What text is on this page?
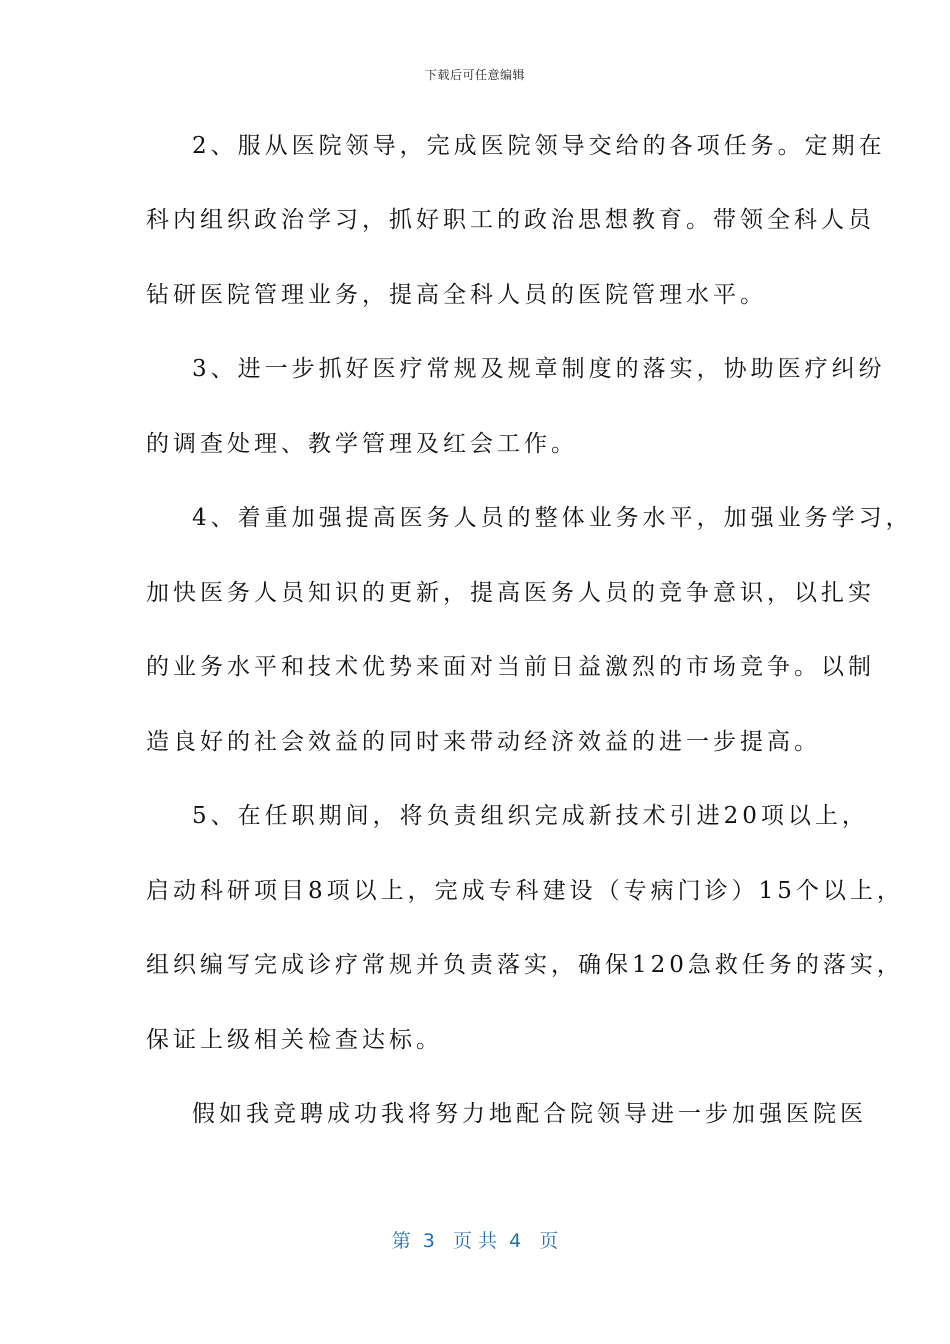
下载后可任意编辑
2、服从医院领导，完成医院领导交给的各项任务。定期在
科内组织政治学习，抓好职工的政治思想教育。带领全科人员
钻研医院管理业务，提高全科人员的医院管理水平。
3、进一步抓好医疗常规及规章制度的落实，协助医疗纠纷
的调查处理、教学管理及红会工作。
4、着重加强提高医务人员的整体业务水平，加强业务学习，
加快医务人员知识的更新，提高医务人员的竞争意识，以扎实
的业务水平和技术优势来面对当前日益激烈的市场竞争。以制
造良好的社会效益的同时来带动经济效益的进一步提高。
5、在任职期间，将负责组织完成新技术引进20项以上，
启动科研项目8项以上，完成专科建设（专病门诊）15个以上，
组织编写完成诊疗常规并负责落实，确保120急救任务的落实，
保证上级相关检查达标。
假如我竞聘成功我将努力地配合院领导进一步加强医院医
第  3   页 共  4   页
